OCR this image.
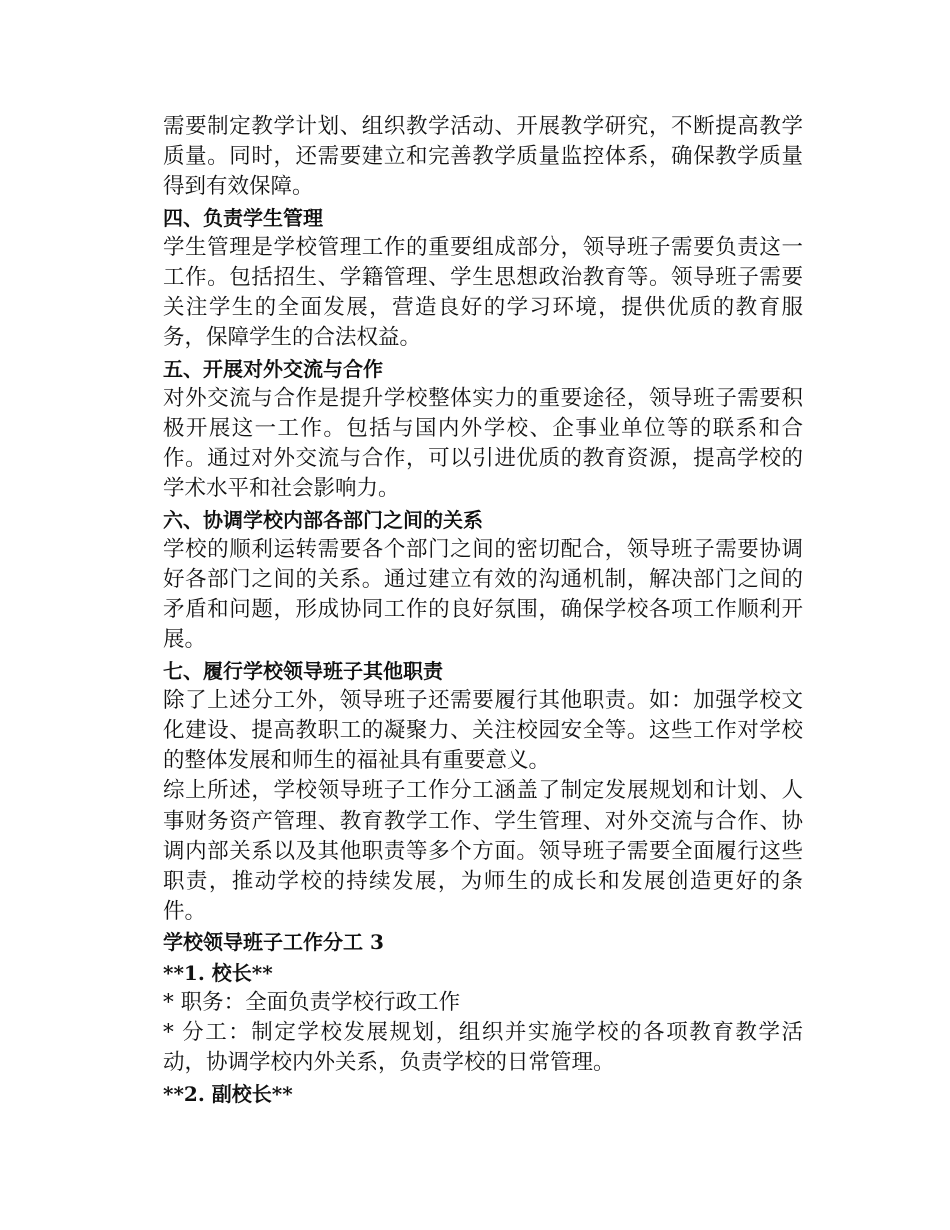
需要制定教学计划、组织教学活动、开展教学研究，不断提高教学质量。同时，还需要建立和完善教学质量监控体系，确保教学质量得到有效保障。

四、负责学生管理

学生管理是学校管理工作的重要组成部分，领导班子需要负责这一工作。包括招生、学籍管理、学生思想政治教育等。领导班子需要关注学生的全面发展，营造良好的学习环境，提供优质的教育服务，保障学生的合法权益。

五、开展对外交流与合作

对外交流与合作是提升学校整体实力的重要途径，领导班子需要积极开展这一工作。包括与国内外学校、企事业单位等的联系和合作。通过对外交流与合作，可以引进优质的教育资源，提高学校的学术水平和社会影响力。

六、协调学校内部各部门之间的关系

学校的顺利运转需要各个部门之间的密切配合，领导班子需要协调好各部门之间的关系。通过建立有效的沟通机制，解决部门之间的矛盾和问题，形成协同工作的良好氛围，确保学校各项工作顺利开展。

七、履行学校领导班子其他职责

除了上述分工外，领导班子还需要履行其他职责。如：加强学校文化建设、提高教职工的凝聚力、关注校园安全等。这些工作对学校的整体发展和师生的福祉具有重要意义。

综上所述，学校领导班子工作分工涵盖了制定发展规划和计划、人事财务资产管理、教育教学工作、学生管理、对外交流与合作、协调内部关系以及其他职责等多个方面。领导班子需要全面履行这些职责，推动学校的持续发展，为师生的成长和发展创造更好的条件。

学校领导班子工作分工 3

**1. 校长**

* 职务：全面负责学校行政工作

* 分工：制定学校发展规划，组织并实施学校的各项教育教学活动，协调学校内外关系，负责学校的日常管理。

**2. 副校长**
